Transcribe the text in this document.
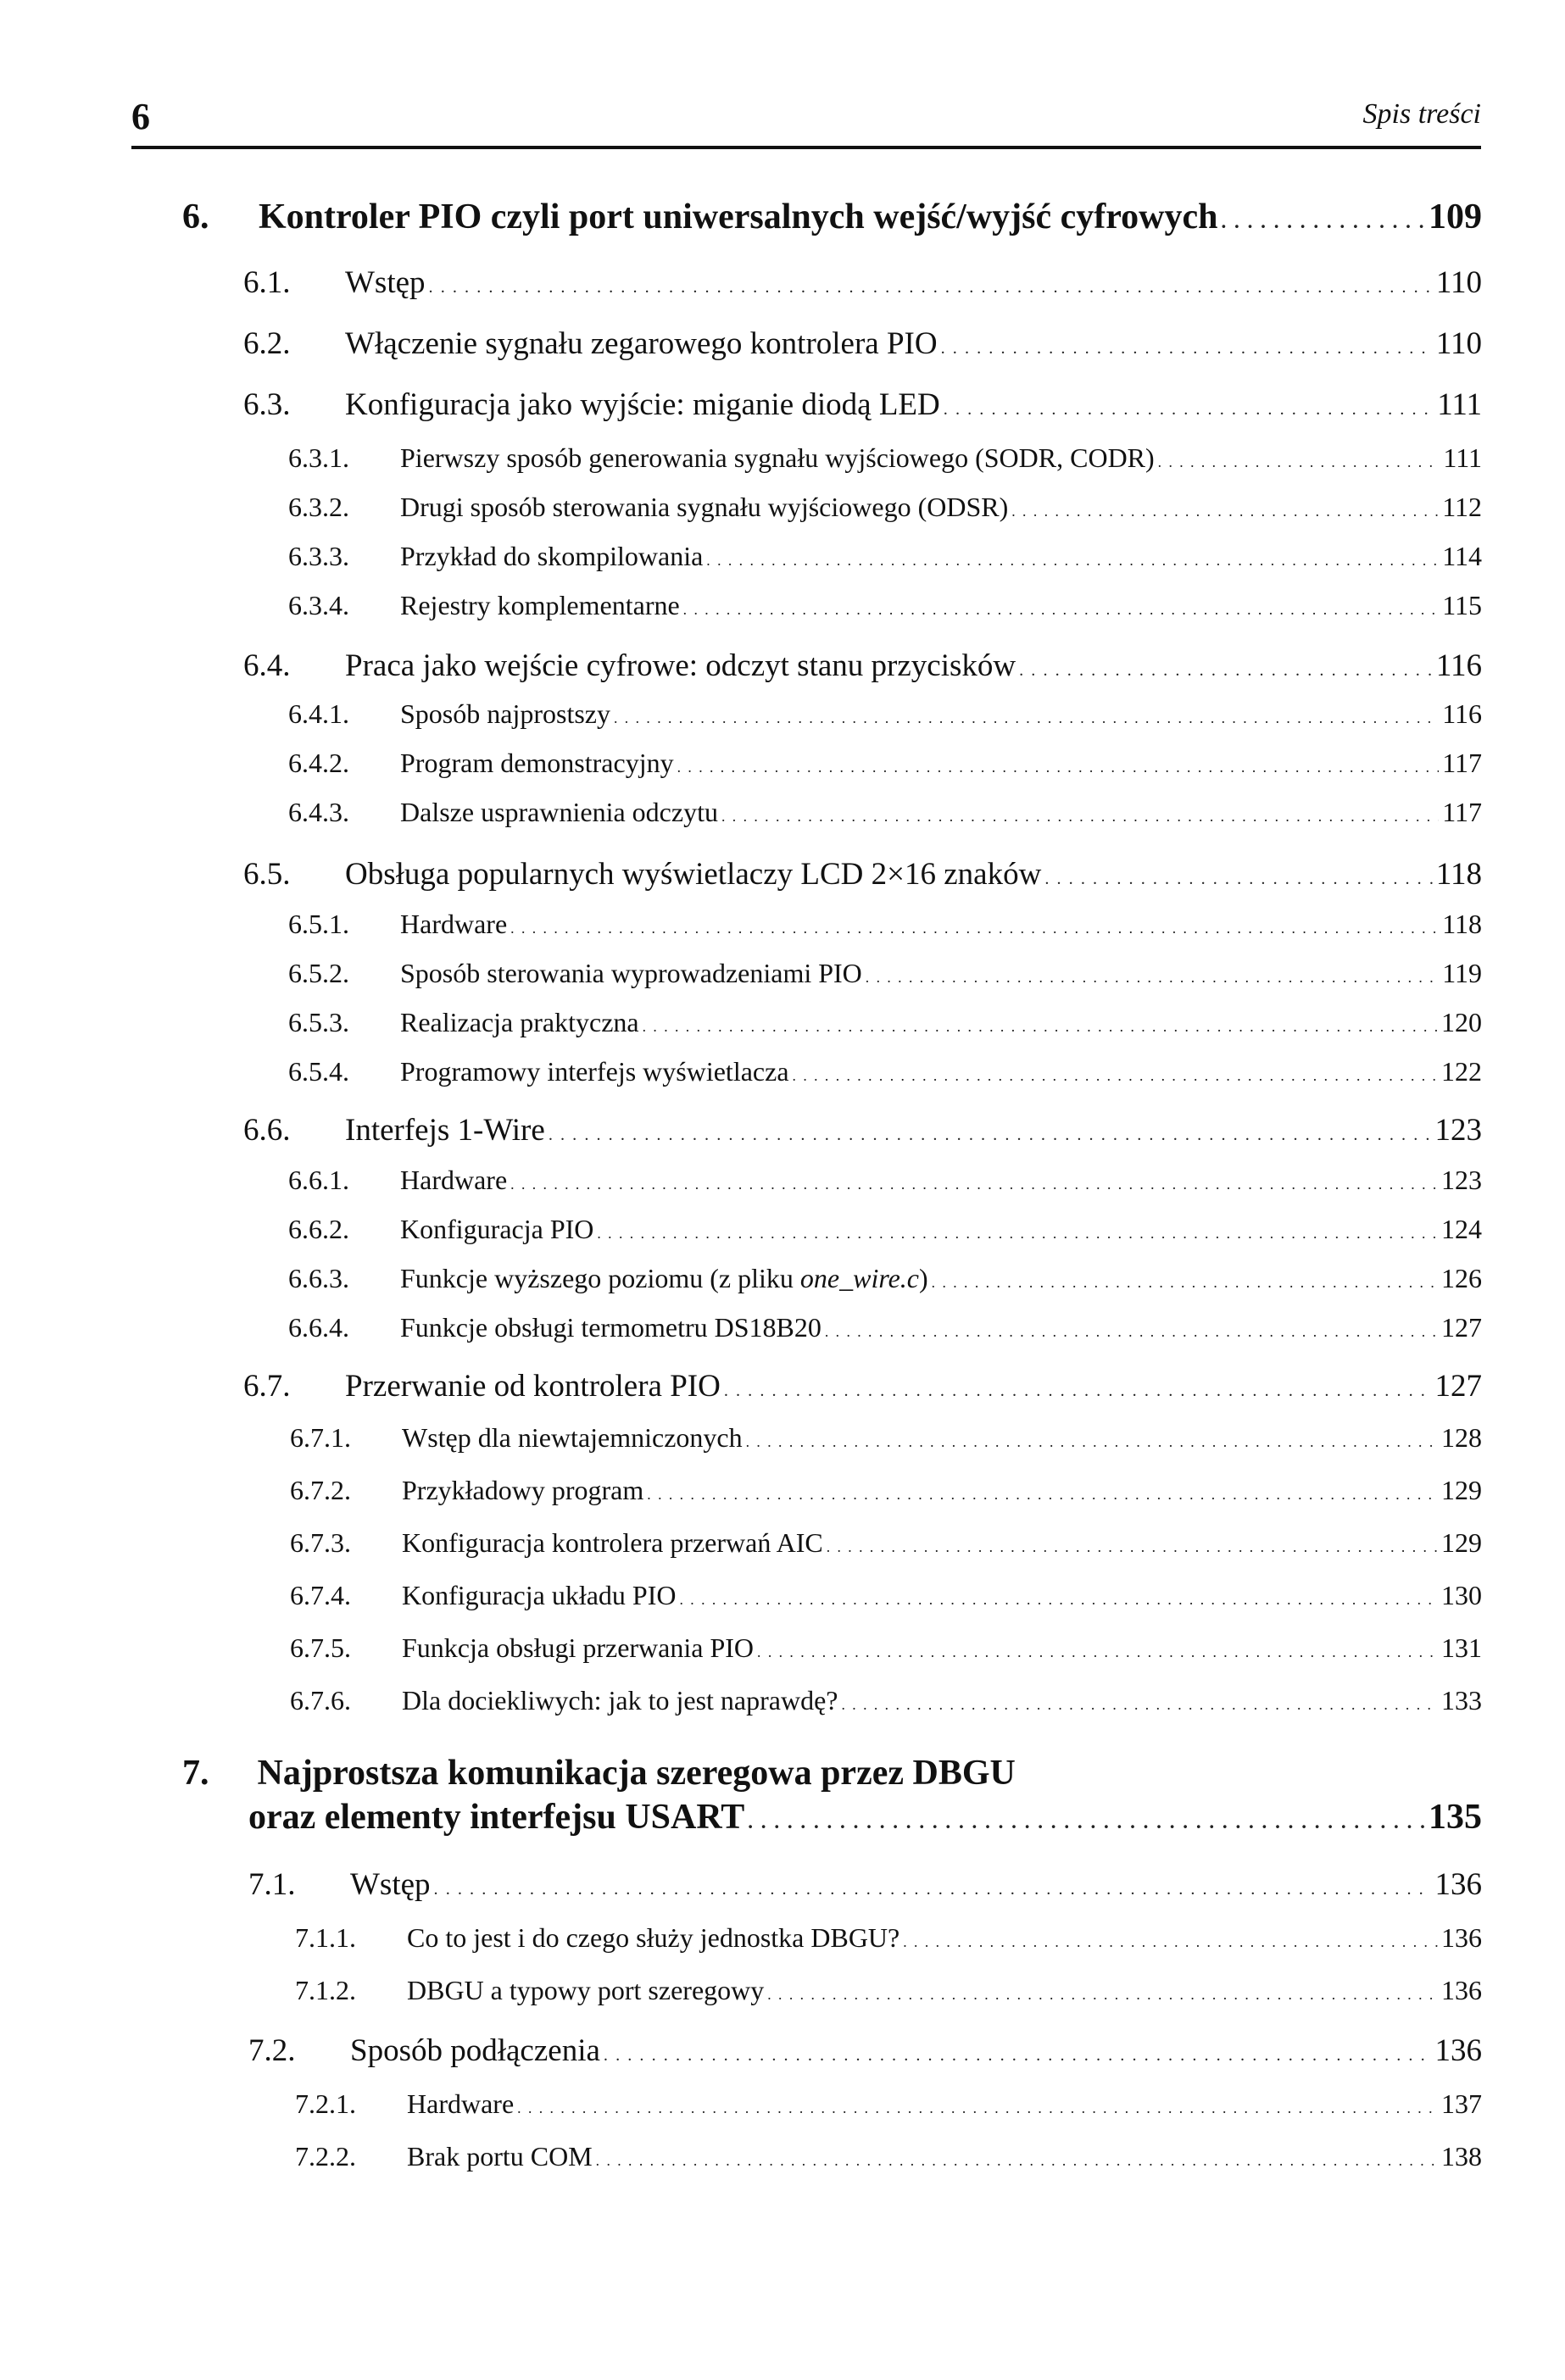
6	Spis treści
6.	Kontroler PIO czyli port uniwersalnych wejść/wyjść cyfrowych . . .	109
6.1.	Wstęp . . .	110
6.2.	Włączenie sygnału zegarowego kontrolera PIO . . .	110
6.3.	Konfiguracja jako wyjście: miganie diodą LED . . .	111
6.3.1.	Pierwszy sposób generowania sygnału wyjściowego (SODR, CODR) . . .	111
6.3.2.	Drugi sposób sterowania sygnału wyjściowego (ODSR) . . .	112
6.3.3.	Przykład do skompilowania . . .	114
6.3.4.	Rejestry komplementarne . . .	115
6.4.	Praca jako wejście cyfrowe: odczyt stanu przycisków . . .	116
6.4.1.	Sposób najprostszy . . .	116
6.4.2.	Program demonstracyjny . . .	117
6.4.3.	Dalsze usprawnienia odczytu . . .	117
6.5.	Obsługa popularnych wyświetlaczy LCD 2×16 znaków . . .	118
6.5.1.	Hardware . . .	118
6.5.2.	Sposób sterowania wyprowadzeniami PIO . . .	119
6.5.3.	Realizacja praktyczna . . .	120
6.5.4.	Programowy interfejs wyświetlacza . . .	122
6.6.	Interfejs 1-Wire . . .	123
6.6.1.	Hardware . . .	123
6.6.2.	Konfiguracja PIO . . .	124
6.6.3.	Funkcje wyższego poziomu (z pliku one_wire.c) . . .	126
6.6.4.	Funkcje obsługi termometru DS18B20 . . .	127
6.7.	Przerwanie od kontrolera PIO . . .	127
6.7.1.	Wstęp dla niewtajemniczonych . . .	128
6.7.2.	Przykładowy program . . .	129
6.7.3.	Konfiguracja kontrolera przerwań AIC . . .	129
6.7.4.	Konfiguracja układu PIO . . .	130
6.7.5.	Funkcja obsługi przerwania PIO . . .	131
6.7.6.	Dla dociekliwych: jak to jest naprawdę? . . .	133
7. Najprostsza komunikacja szeregowa przez DBGU
oraz elementy interfejsu USART . . .	135
7.1.	Wstęp . . .	136
7.1.1.	Co to jest i do czego służy jednostka DBGU? . . .	136
7.1.2.	DBGU a typowy port szeregowy . . .	136
7.2.	Sposób podłączenia . . .	136
7.2.1.	Hardware . . .	137
7.2.2.	Brak portu COM . . .	138
